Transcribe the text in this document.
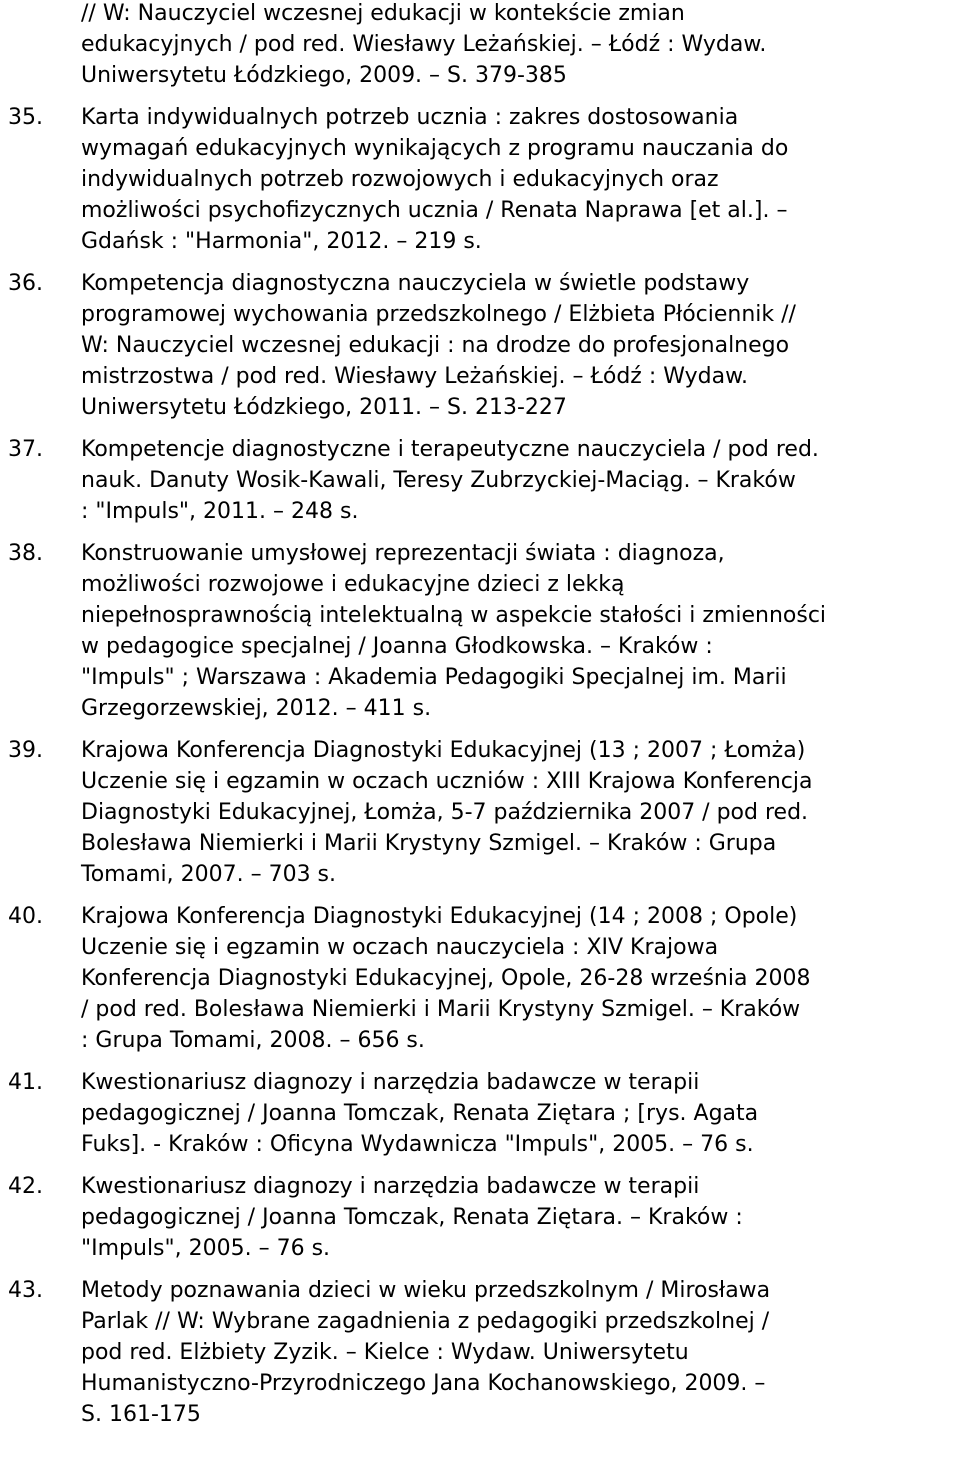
// W: Nauczyciel wczesnej edukacji w kontekście zmian
edukacyjnych / pod red. Wiesławy Leżańskiej. – Łódź : Wydaw.
Uniwersytetu Łódzkiego, 2009. – S. 379-385
35. Karta indywidualnych potrzeb ucznia : zakres dostosowania
wymagań edukacyjnych wynikających z programu nauczania do
indywidualnych potrzeb rozwojowych i edukacyjnych oraz
możliwości psychofizycznych ucznia / Renata Naprawa [et al.]. –
Gdańsk : "Harmonia", 2012. – 219 s.
36. Kompetencja diagnostyczna nauczyciela w świetle podstawy
programowej wychowania przedszkolnego / Elżbieta Płóciennik //
W: Nauczyciel wczesnej edukacji : na drodze do profesjonalnego
mistrzostwa / pod red. Wiesławy Leżańskiej. – Łódź : Wydaw.
Uniwersytetu Łódzkiego, 2011. – S. 213-227
37. Kompetencje diagnostyczne i terapeutyczne nauczyciela / pod red.
nauk. Danuty Wosik-Kawali, Teresy Zubrzyckiej-Maciąg. – Kraków
: "Impuls", 2011. – 248 s.
38. Konstruowanie umysłowej reprezentacji świata : diagnoza,
możliwości rozwojowe i edukacyjne dzieci z lekką
niepełnosprawnością intelektualną w aspekcie stałości i zmienności
w pedagogice specjalnej / Joanna Głodkowska. – Kraków :
"Impuls" ; Warszawa : Akademia Pedagogiki Specjalnej im. Marii
Grzegorzewskiej, 2012. – 411 s.
39. Krajowa Konferencja Diagnostyki Edukacyjnej (13 ; 2007 ; Łomża)
Uczenie się i egzamin w oczach uczniów : XIII Krajowa Konferencja
Diagnostyki Edukacyjnej, Łomża, 5-7 października 2007 / pod red.
Bolesława Niemierki i Marii Krystyny Szmigel. – Kraków : Grupa
Tomami, 2007. – 703 s.
40. Krajowa Konferencja Diagnostyki Edukacyjnej (14 ; 2008 ; Opole)
Uczenie się i egzamin w oczach nauczyciela : XIV Krajowa
Konferencja Diagnostyki Edukacyjnej, Opole, 26-28 września 2008
/ pod red. Bolesława Niemierki i Marii Krystyny Szmigel. – Kraków
: Grupa Tomami, 2008. – 656 s.
41. Kwestionariusz diagnozy i narzędzia badawcze w terapii
pedagogicznej / Joanna Tomczak, Renata Ziętara ; [rys. Agata
Fuks]. - Kraków : Oficyna Wydawnicza "Impuls", 2005. – 76 s.
42. Kwestionariusz diagnozy i narzędzia badawcze w terapii
pedagogicznej / Joanna Tomczak, Renata Ziętara. – Kraków :
"Impuls", 2005. – 76 s.
43. Metody poznawania dzieci w wieku przedszkolnym / Mirosława
Parlak // W: Wybrane zagadnienia z pedagogiki przedszkolnej /
pod red. Elżbiety Zyzik. – Kielce : Wydaw. Uniwersytetu
Humanistyczno-Przyrodniczego Jana Kochanowskiego, 2009. –
S. 161-175
